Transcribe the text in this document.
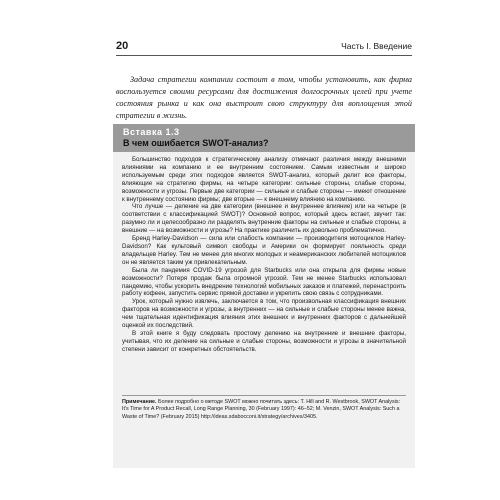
20	Часть I. Введение

Задача стратегии компании состоит в том, чтобы установить, как фирма воспользуется своими ресурсами для достижения долгосрочных целей при учете состояния рынка и как она выстроит свою структуру для воплощения этой стратегии в жизнь.

Вставка 1.3
В чем ошибается SWOT-анализ?

Большинство подходов к стратегическому анализу отмечают различия между внешними влияниями на компанию и ее внутренним состоянием. Самым известным и широко используемым среди этих подходов является SWOT-анализ, который делит все факторы, влияющие на стратегию фирмы, на четыре категории: сильные стороны, слабые стороны, возможности и угрозы. Первые две категории — сильные и слабые стороны — имеют отношение к внутреннему состоянию фирмы; две вторые — к внешнему влиянию на компанию.

Что лучше — деление на две категории (внешнее и внутреннее влияние) или на четыре (в соответствии с классификацией SWOT)? Основной вопрос, который здесь встает, звучит так: разумно ли и целесообразно ли разделять внутренние факторы на сильные и слабые стороны, а внешние — на возможности и угрозы? На практике различить их довольно проблематично.

Бренд Harley-Davidson — сила или слабость компании — производителя мотоциклов Harley-Davidson? Как культовый символ свободы и Америки он формирует лояльность среди владельцев Harley. Тем не менее для многих молодых и неамериканских любителей мотоциклов он не является таким уж привлекательным.

Была ли пандемия COVID-19 угрозой для Starbucks или она открыла для фирмы новые возможности? Потеря продаж была огромной угрозой. Тем не менее Starbucks использовал пандемию, чтобы ускорить внедрение технологий мобильных заказов и платежей, перенастроить работу кофеен, запустить сервис прямой доставки и укрепить свою связь с сотрудниками.

Урок, который нужно извлечь, заключается в том, что произвольная классификация внешних факторов на возможности и угрозы, а внутренних — на сильные и слабые стороны менее важна, чем тщательная идентификация влияния этих внешних и внутренних факторов с дальнейшей оценкой их последствий.

В этой книге я буду следовать простому делению на внутренние и внешние факторы, учитывая, что их деление на сильные и слабые стороны, возможности и угрозы в значительной степени зависит от конкретных обстоятельств.

Примечание. Более подробно о методе SWOT можно почитать здесь: T. Hill and R. Westbrook, SWOT Analysis: It's Time for A Product Recall, Long Range Planning, 30 (February 1997): 46–52; M. Venzin, SWOT Analysis: Such a Waste of Time? (February 2015) http://ideas.sdabocconi.it/strategy/archives/3405.
